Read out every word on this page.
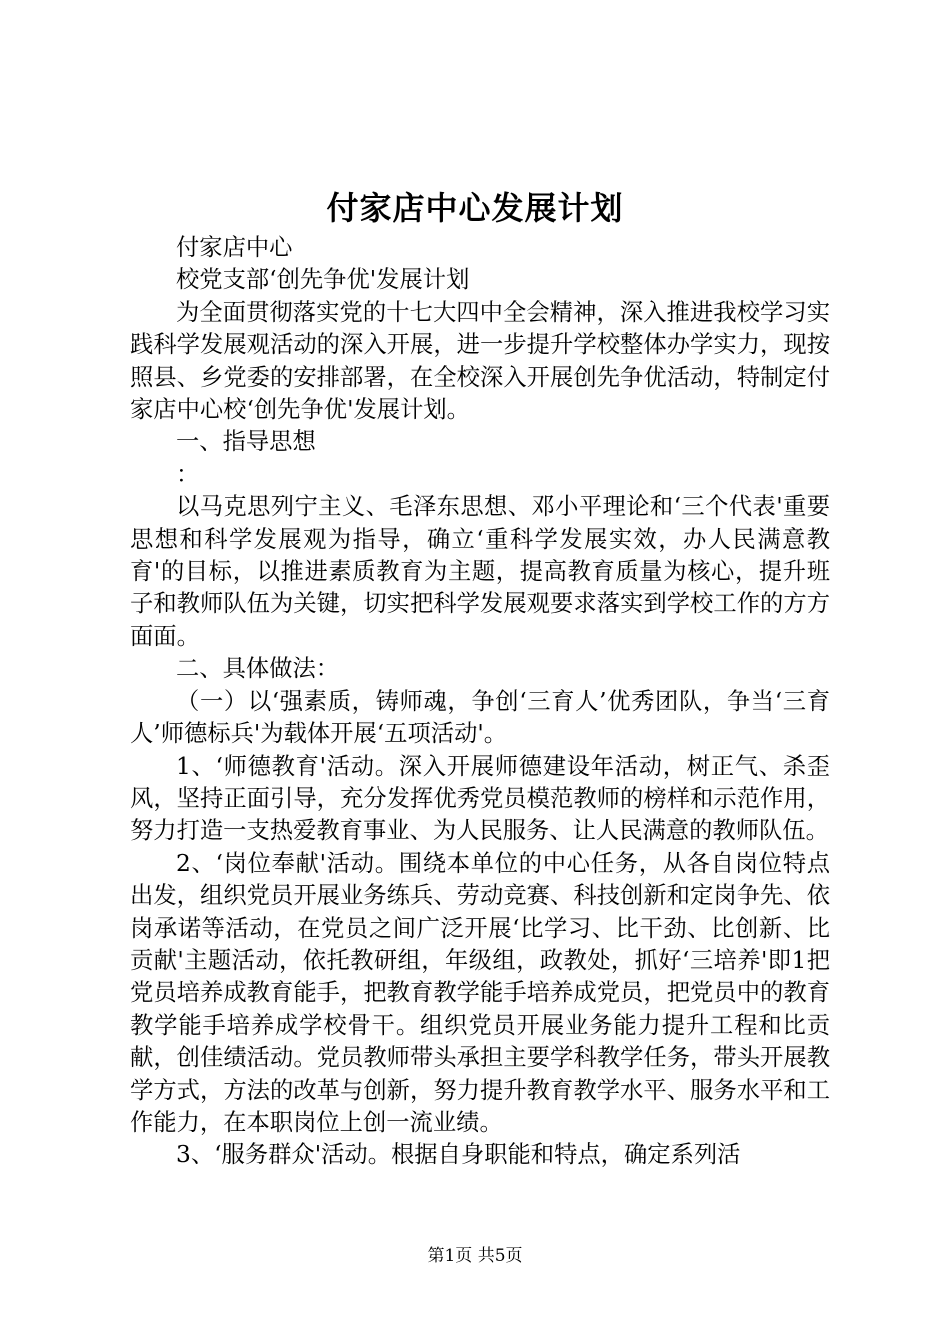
付家店中心发展计划

付家店中心

校党支部‘创先争优'发展计划

为全面贯彻落实党的十七大四中全会精神，深入推进我校学习实践科学发展观活动的深入开展，进一步提升学校整体办学实力，现按照县、乡党委的安排部署，在全校深入开展创先争优活动，特制定付家店中心校‘创先争优'发展计划。

一、指导思想

：

以马克思列宁主义、毛泽东思想、邓小平理论和‘三个代表'重要思想和科学发展观为指导，确立‘重科学发展实效，办人民满意教育'的目标，以推进素质教育为主题，提高教育质量为核心，提升班子和教师队伍为关键，切实把科学发展观要求落实到学校工作的方方面面。

二、具体做法：

（一）以‘强素质，铸师魂，争创‘三育人’优秀团队，争当‘三育人’师德标兵'为载体开展‘五项活动'。

1、‘师德教育'活动。深入开展师德建设年活动，树正气、杀歪风，坚持正面引导，充分发挥优秀党员模范教师的榜样和示范作用，努力打造一支热爱教育事业、为人民服务、让人民满意的教师队伍。

2、‘岗位奉献'活动。围绕本单位的中心任务，从各自岗位特点出发，组织党员开展业务练兵、劳动竞赛、科技创新和定岗争先、依岗承诺等活动，在党员之间广泛开展‘比学习、比干劲、比创新、比贡献'主题活动，依托教研组，年级组，政教处，抓好‘三培养'即1把党员培养成教育能手，把教育教学能手培养成党员，把党员中的教育教学能手培养成学校骨干。组织党员开展业务能力提升工程和比贡献，创佳绩活动。党员教师带头承担主要学科教学任务，带头开展教学方式，方法的改革与创新，努力提升教育教学水平、服务水平和工作能力，在本职岗位上创一流业绩。

3、‘服务群众'活动。根据自身职能和特点，确定系列活

第1页 共5页
